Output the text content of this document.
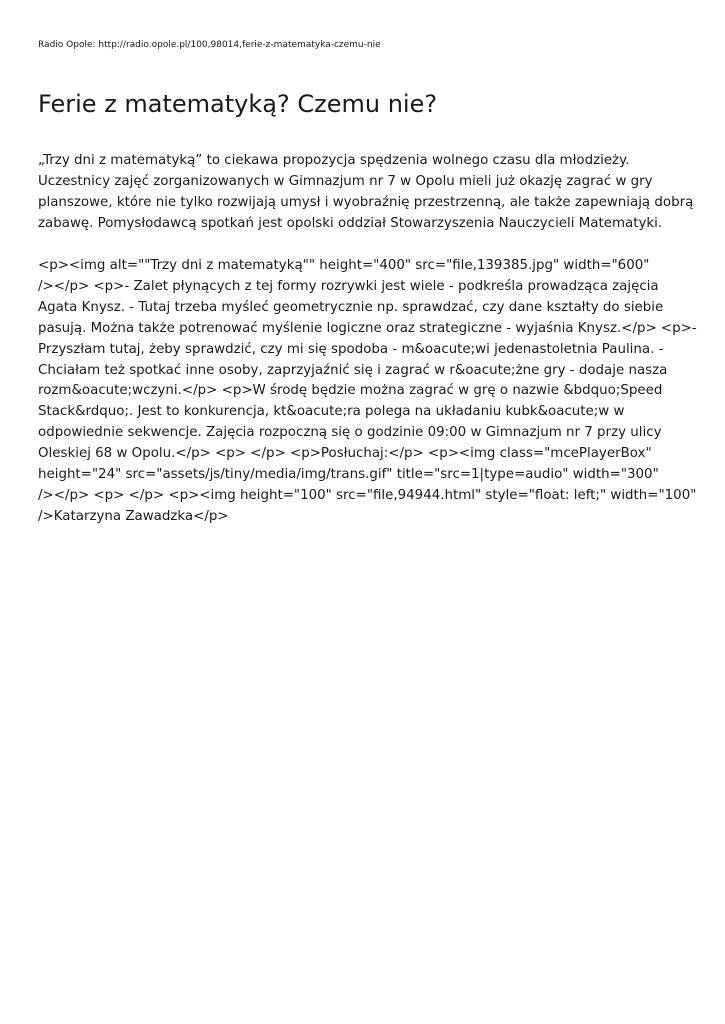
Radio Opole: http://radio.opole.pl/100,98014,ferie-z-matematyka-czemu-nie
Ferie z matematyką? Czemu nie?

„Trzy dni z matematyką” to ciekawa propozycja spędzenia wolnego czasu dla młodzieży.
Uczestnicy zajęć zorganizowanych w Gimnazjum nr 7 w Opolu mieli już okazję zagrać w gry
planszowe, które nie tylko rozwijają umysł i wyobraźnię przestrzenną, ale także zapewniają dobrą
zabawę. Pomysłodawcą spotkań jest opolski oddział Stowarzyszenia Nauczycieli Matematyki.

<p><img alt=""Trzy dni z matematyką"" height="400" src="file,139385.jpg" width="600"
/></p> <p>- Zalet płynących z tej formy rozrywki jest wiele - podkreśla prowadząca zajęcia
Agata Knysz. - Tutaj trzeba myśleć geometrycznie np. sprawdzać, czy dane kształty do siebie
pasują. Można także potrenować myślenie logiczne oraz strategiczne - wyjaśnia Knysz.</p> <p>-
Przyszłam tutaj, żeby sprawdzić, czy mi się spodoba - m&oacute;wi jedenastoletnia Paulina. -
Chciałam też spotkać inne osoby, zaprzyjaźnić się i zagrać w r&oacute;żne gry - dodaje nasza
rozm&oacute;wczyni.</p> <p>W środę będzie można zagrać w grę o nazwie &bdquo;Speed
Stack&rdquo;. Jest to konkurencja, kt&oacute;ra polega na układaniu kubk&oacute;w w
odpowiednie sekwencje. Zajęcia rozpoczną się o godzinie 09:00 w Gimnazjum nr 7 przy ulicy
Oleskiej 68 w Opolu.</p> <p> </p> <p>Posłuchaj:</p> <p><img class="mcePlayerBox"
height="24" src="assets/js/tiny/media/img/trans.gif" title="src=1|type=audio" width="300"
/></p> <p> </p> <p><img height="100" src="file,94944.html" style="float: left;" width="100"
/>Katarzyna Zawadzka</p>
